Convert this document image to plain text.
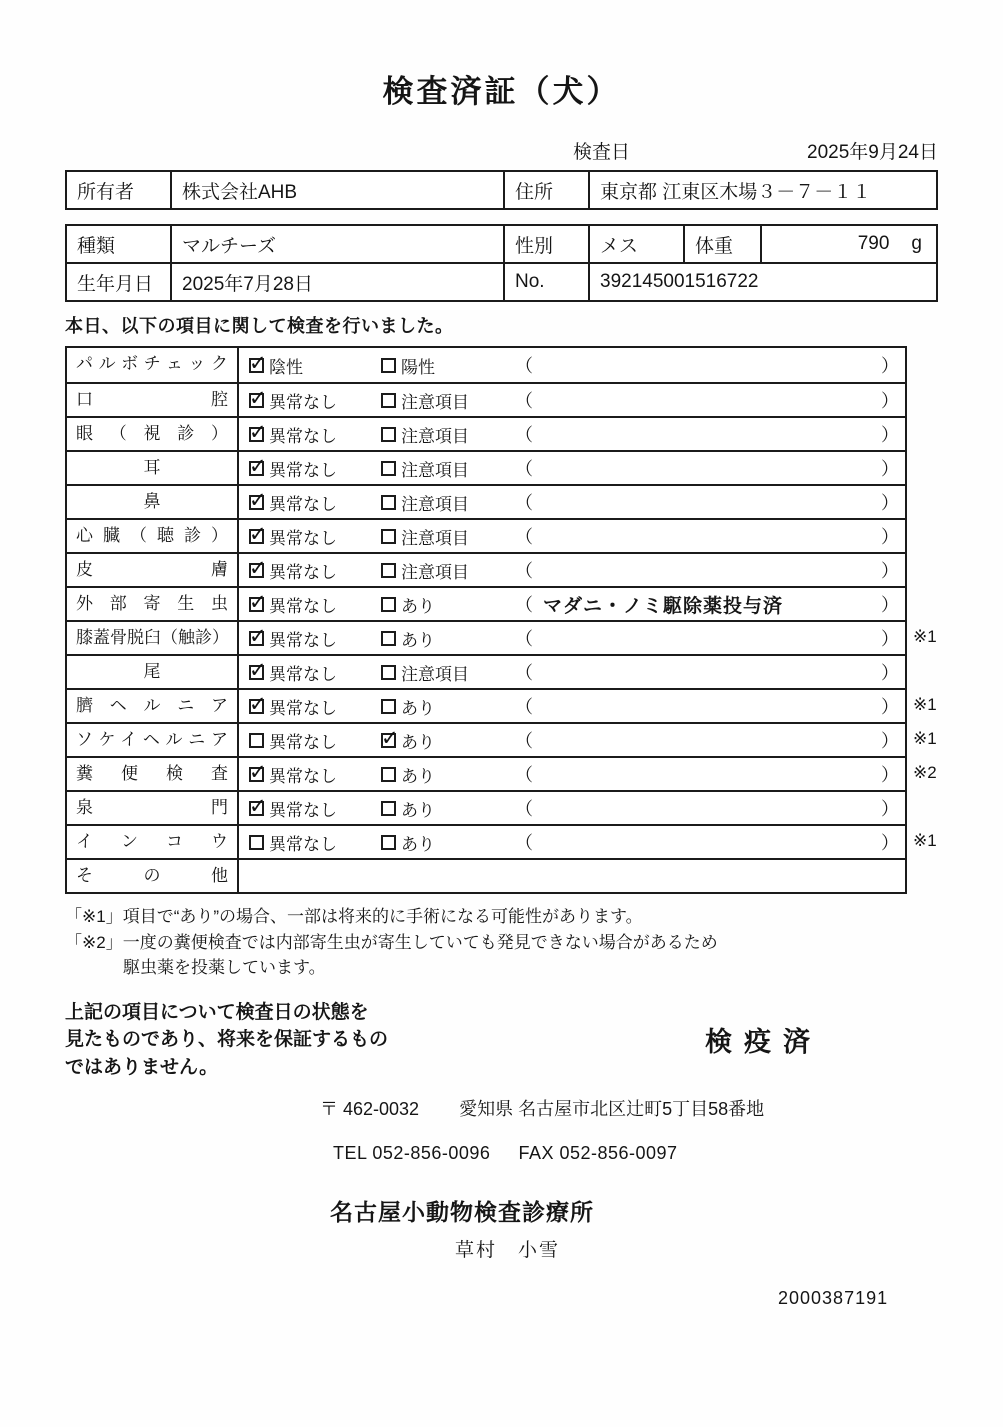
検査済証（犬）
検査日	2025年9月24日
所有者	株式会社AHB	住所	東京都 江東区木場３－７－１１
種類	マルチーズ	性別	メス	体重	790 g
生年月日	2025年7月28日	No.	392145001516722
本日、以下の項目に関して検査を行いました。
パルボチェック ✓	陰性	陽性	（	）
口腔 ✓	異常なし	注意項目	（	）
眼（視診） ✓	異常なし	注意項目	（	）
耳 ✓	異常なし	注意項目	（	）
鼻 ✓	異常なし	注意項目	（	）
心臓（聴診） ✓	異常なし	注意項目	（	）
皮膚 ✓	異常なし	注意項目	（	）
外部寄生虫 ✓	異常なし	あり	（ マダニ・ノミ駆除薬投与済	）
膝蓋骨脱臼（触診） ✓	異常なし	あり	（	） ※1
尾 ✓	異常なし	注意項目	（	）
臍ヘルニア ✓	異常なし	あり	（	） ※1
ソケイヘルニア	異常なし ✓	あり	（	） ※1
糞便検査 ✓	異常なし	あり	（	） ※2
泉門 ✓	異常なし	あり	（	）
インコウ	異常なし	あり	（	） ※1
その他
「※1」項目で“あり”の場合、一部は将来的に手術になる可能性があります。
「※2」一度の糞便検査では内部寄生虫が寄生していても発見できない場合があるため
駆虫薬を投薬しています。
上記の項目について検査日の状態を
見たものであり、将来を保証するもの
ではありません。
検疫済
〒 462-0032 愛知県 名古屋市北区辻町5丁目58番地
TEL 052-856-0096 FAX 052-856-0097
名古屋小動物検査診療所
草村　小雪
2000387191
